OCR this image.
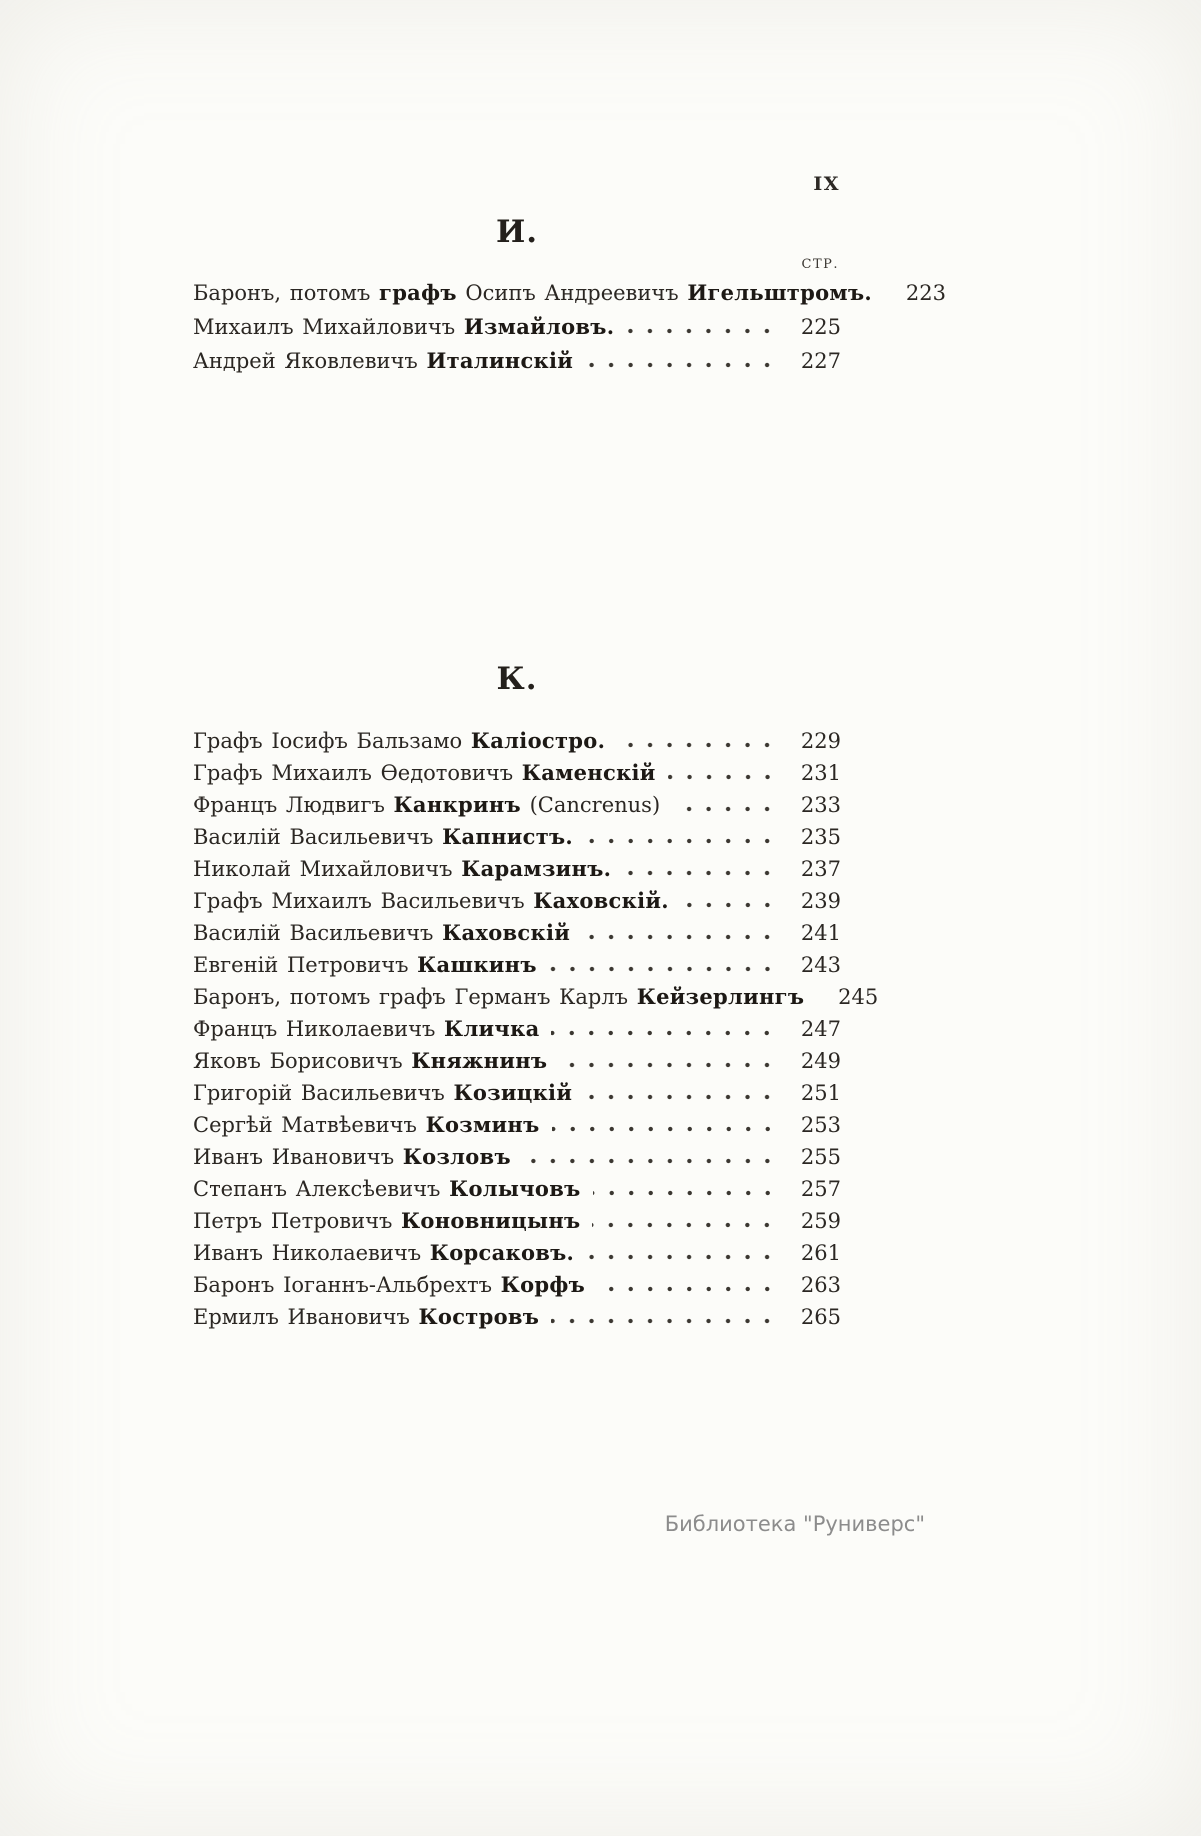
IX
И.
СТР.
Баронъ, потомъ графъ Осипъ Андреевичъ Игельштромъ.	223
Михаилъ Михайловичъ Измайловъ.	225
Андрей Яковлевичъ Италинскій	227
К.
Графъ Іосифъ Бальзамо Каліостро.	229
Графъ Михаилъ Ѳедотовичъ Каменскій	231
Францъ Людвигъ Канкринъ (Cancrenus)	233
Василій Васильевичъ Капнистъ.	235
Николай Михайловичъ Карамзинъ.	237
Графъ Михаилъ Васильевичъ Каховскій.	239
Василій Васильевичъ Каховскій	241
Евгеній Петровичъ Кашкинъ	243
Баронъ, потомъ графъ Германъ Карлъ Кейзерлингъ	245
Францъ Николаевичъ Кличка	247
Яковъ Борисовичъ Княжнинъ	249
Григорій Васильевичъ Козицкій	251
Сергѣй Матвѣевичъ Козминъ	253
Иванъ Ивановичъ Козловъ	255
Степанъ Алексѣевичъ Колычовъ	257
Петръ Петровичъ Коновницынъ	259
Иванъ Николаевичъ Корсаковъ.	261
Баронъ Іоганнъ-Альбрехтъ Корфъ	263
Ермилъ Ивановичъ Костровъ	265
Библиотека "Руниверс"
